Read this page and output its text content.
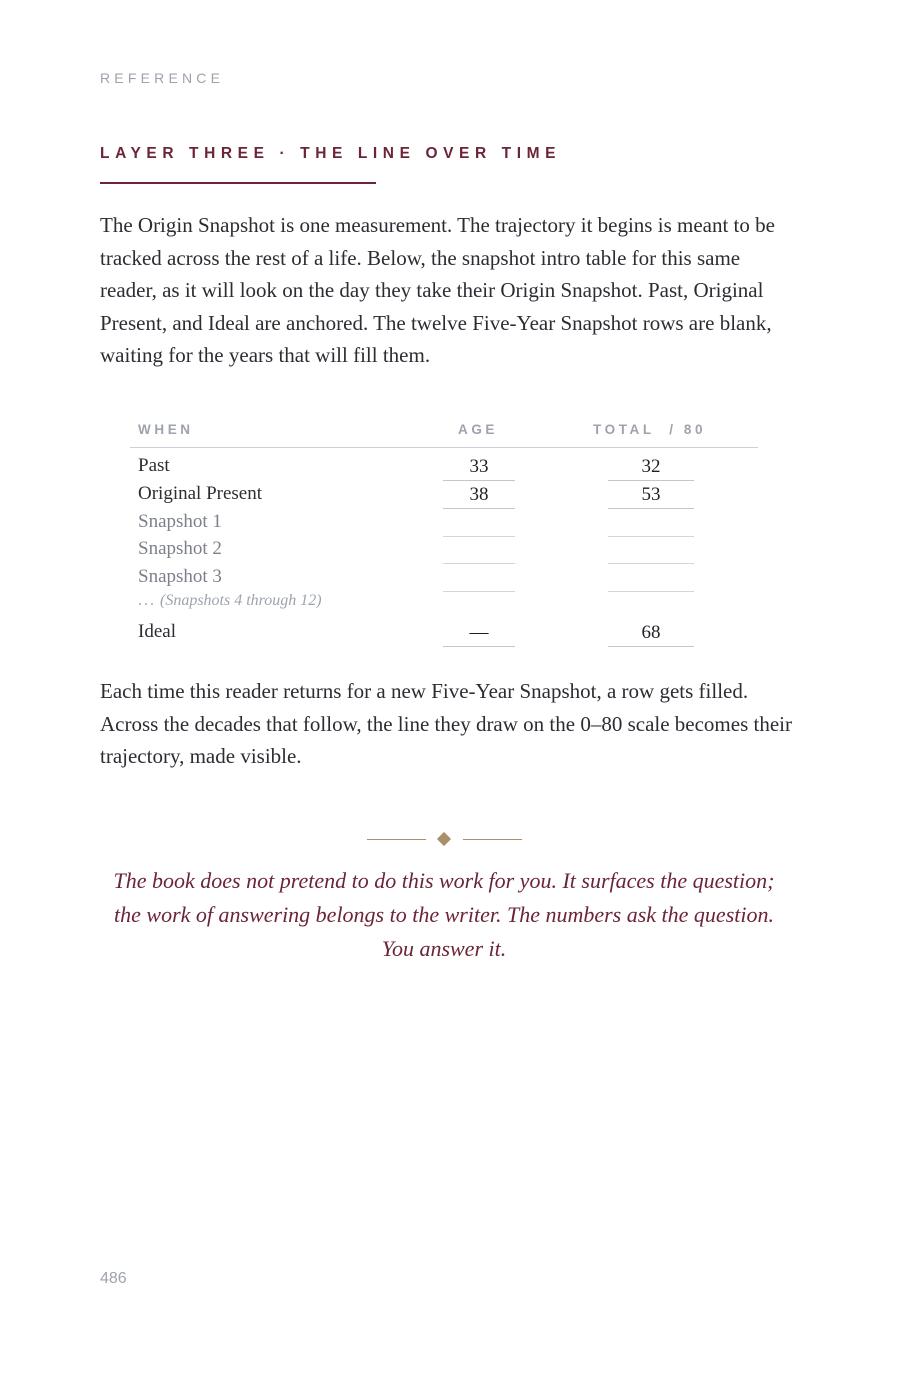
REFERENCE
LAYER THREE · THE LINE OVER TIME

The Origin Snapshot is one measurement. The trajectory it begins is meant to be tracked across the rest of a life. Below, the snapshot intro table for this same reader, as it will look on the day they take their Origin Snapshot. Past, Original Present, and Ideal are anchored. The twelve Five-Year Snapshot rows are blank, waiting for the years that will fill them.

WHEN	AGE	TOTAL  / 80
Past	33	32
Original Present	38	53
Snapshot 1
Snapshot 2
Snapshot 3
... (Snapshots 4 through 12)
Ideal	—	68

Each time this reader returns for a new Five-Year Snapshot, a row gets filled. Across the decades that follow, the line they draw on the 0–80 scale becomes their trajectory, made visible.

The book does not pretend to do this work for you. It surfaces the question; the work of answering belongs to the writer. The numbers ask the question. You answer it.

486
